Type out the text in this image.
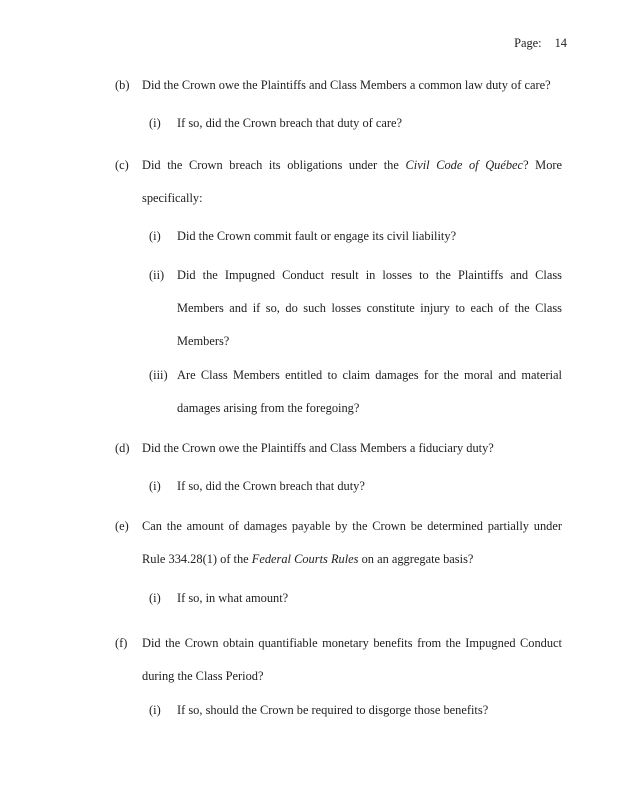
Page: 14
(b) Did the Crown owe the Plaintiffs and Class Members a common law duty of care?
(i) If so, did the Crown breach that duty of care?
(c) Did the Crown breach its obligations under the Civil Code of Québec? More
specifically:
(i) Did the Crown commit fault or engage its civil liability?
(ii) Did the Impugned Conduct result in losses to the Plaintiffs and Class
Members and if so, do such losses constitute injury to each of the Class
Members?
(iii) Are Class Members entitled to claim damages for the moral and material
damages arising from the foregoing?
(d) Did the Crown owe the Plaintiffs and Class Members a fiduciary duty?
(i) If so, did the Crown breach that duty?
(e) Can the amount of damages payable by the Crown be determined partially under
Rule 334.28(1) of the Federal Courts Rules on an aggregate basis?
(i) If so, in what amount?
(f) Did the Crown obtain quantifiable monetary benefits from the Impugned Conduct
during the Class Period?
(i) If so, should the Crown be required to disgorge those benefits?
